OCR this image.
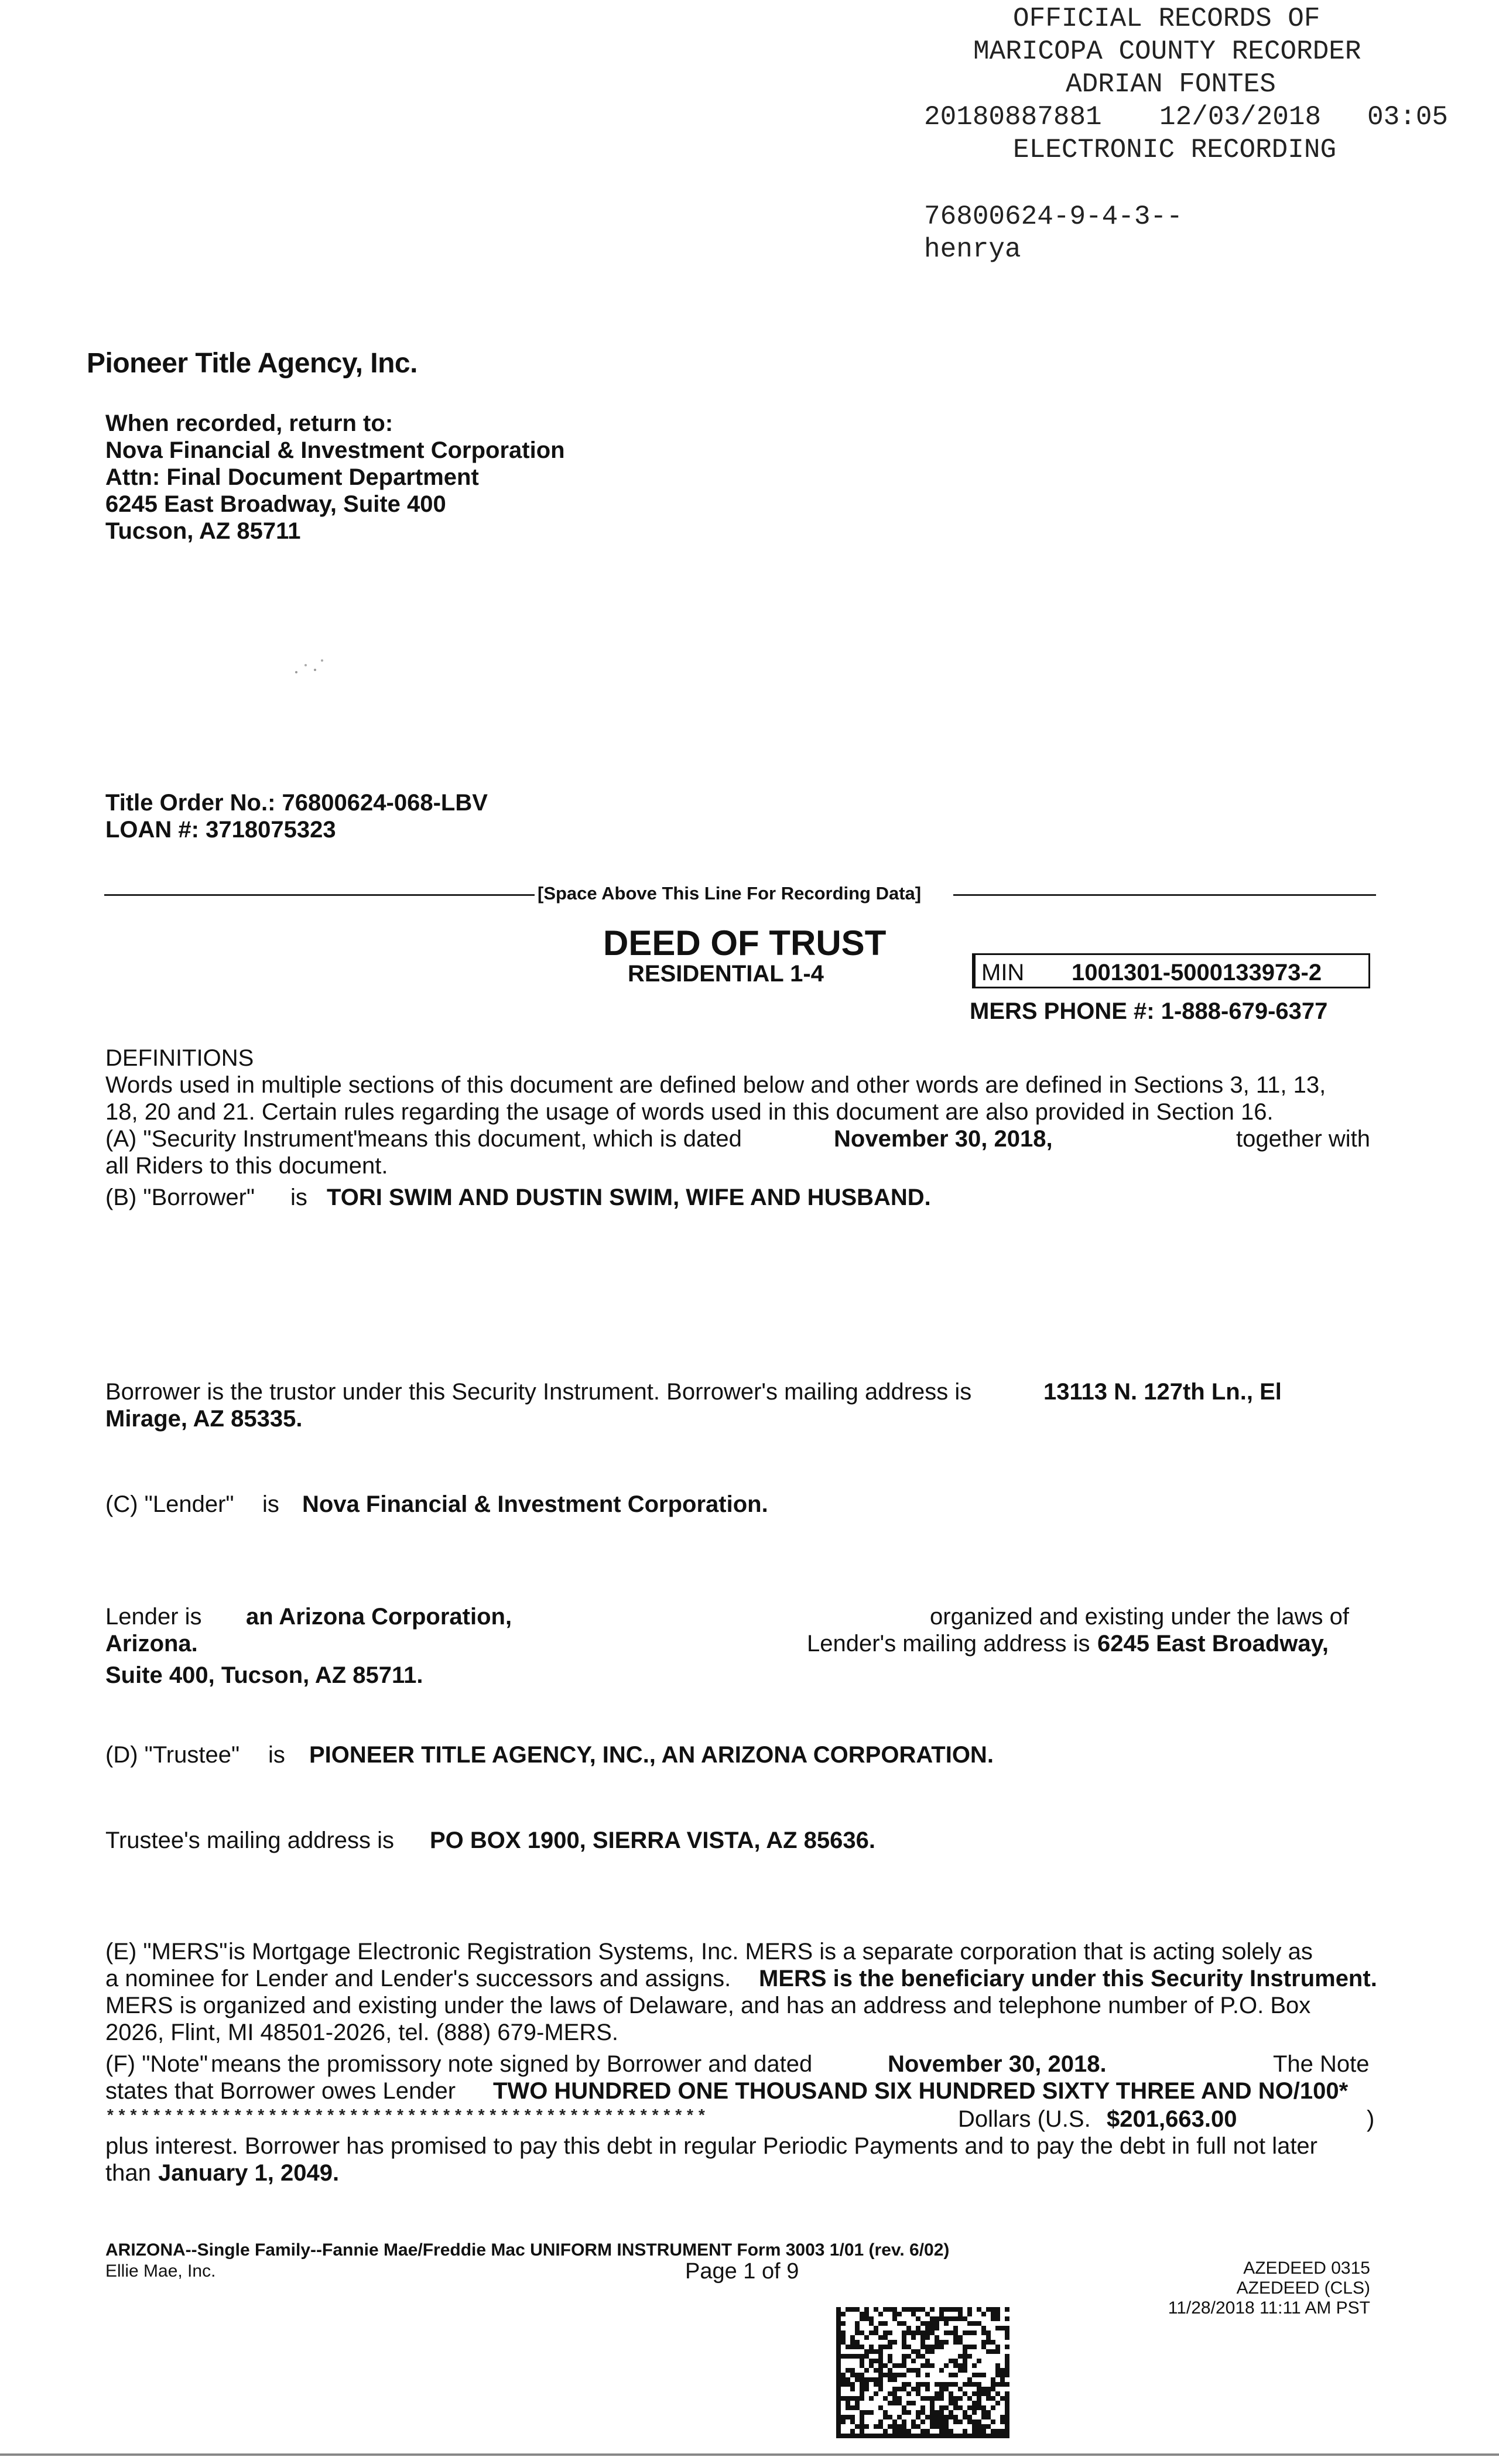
OFFICIAL RECORDS OF
MARICOPA COUNTY RECORDER
ADRIAN FONTES
20180887881 12/03/2018 03:05
ELECTRONIC RECORDING
76800624-9-4-3--
henrya
Pioneer Title Agency, Inc.
When recorded, return to:
Nova Financial & Investment Corporation
Attn: Final Document Department
6245 East Broadway, Suite 400
Tucson, AZ 85711
Title Order No.: 76800624-068-LBV
LOAN #: 3718075323
[Space Above This Line For Recording Data]
DEED OF TRUST
RESIDENTIAL 1-4	MIN 1001301-5000133973-2
MERS PHONE #: 1-888-679-6377
DEFINITIONS
Words used in multiple sections of this document are defined below and other words are defined in Sections 3, 11, 13,
18, 20 and 21. Certain rules regarding the usage of words used in this document are also provided in Section 16.
(A) "Security Instrument"
means this document, which is dated	November 30, 2018,	together with
all Riders to this document.
(B) "Borrower" is TORI SWIM AND DUSTIN SWIM, WIFE AND HUSBAND.
Borrower is the trustor under this Security Instrument. Borrower's mailing address is	13113 N. 127th Ln., El
Mirage, AZ 85335.
(C) "Lender" is Nova Financial & Investment Corporation.
Lender is an Arizona Corporation,	organized and existing under the laws of
Arizona.	Lender's mailing address is 6245 East Broadway,
Suite 400, Tucson, AZ 85711.
(D) "Trustee" is PIONEER TITLE AGENCY, INC., AN ARIZONA CORPORATION.
Trustee's mailing address is PO BOX 1900, SIERRA VISTA, AZ 85636.
(E) "MERS" is Mortgage Electronic Registration Systems, Inc. MERS is a separate corporation that is acting solely as
a nominee for Lender and Lender's successors and assigns. MERS is the beneficiary under this Security Instrument.
MERS is organized and existing under the laws of Delaware, and has an address and telephone number of P.O. Box
2026, Flint, MI 48501-2026, tel. (888) 679-MERS.
(F) "Note" means the promissory note signed by Borrower and dated	November 30, 2018.	The Note
states that Borrower owes Lender TWO HUNDRED ONE THOUSAND SIX HUNDRED SIXTY THREE AND NO/100*
****************************************************	Dollars (U.S. $201,663.00	)
plus interest. Borrower has promised to pay this debt in regular Periodic Payments and to pay the debt in full not later
than January 1, 2049.
ARIZONA--Single Family--Fannie Mae/Freddie Mac UNIFORM INSTRUMENT Form 3003 1/01 (rev. 6/02)
Ellie Mae, Inc.	Page 1 of 9	AZEDEED 0315
AZEDEED (CLS)
11/28/2018 11:11 AM PST
